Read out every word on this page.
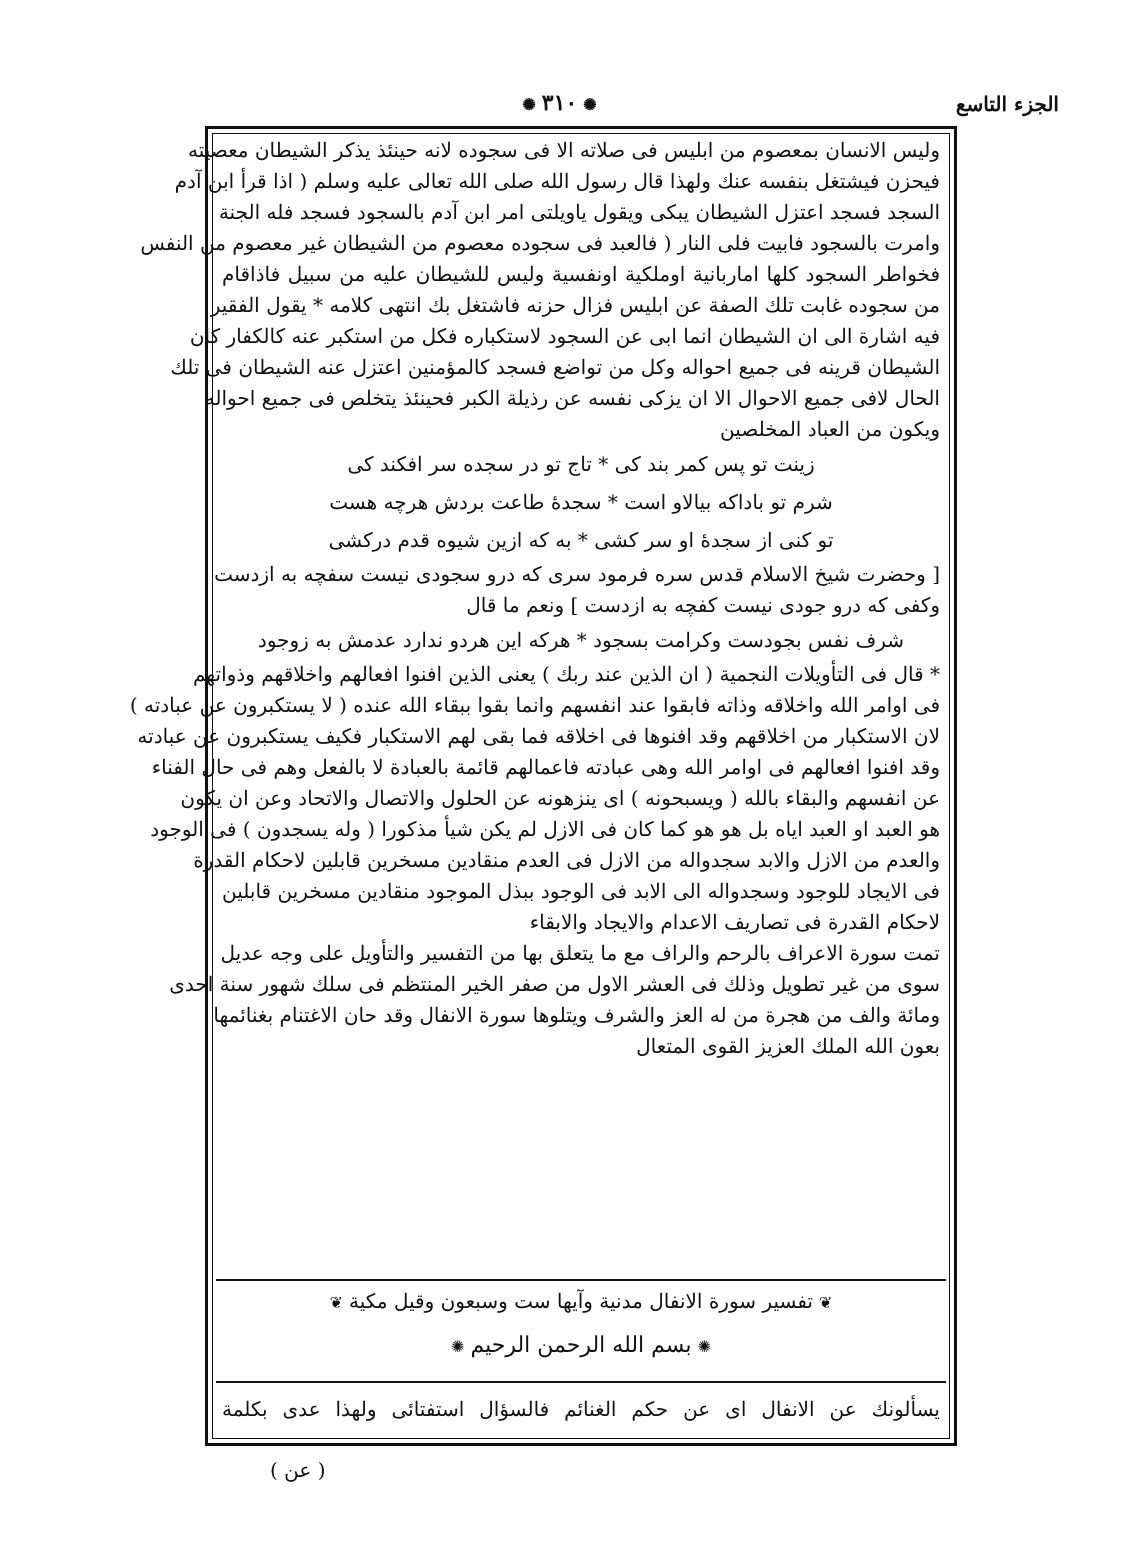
✺ ٣١٠ ✺	الجزء التاسع
وليس الانسان بمعصوم من ابليس فى صلاته الا فى سجوده لانه حينئذ يذكر الشيطان معصيته
فيحزن فيشتغل بنفسه عنك ولهذا قال رسول الله صلى الله تعالى عليه وسلم ( اذا قرأ ابن آدم
السجد فسجد اعتزل الشيطان يبكى ويقول ياويلتى امر ابن آدم بالسجود فسجد فله الجنة
وامرت بالسجود فابيت فلى النار ( فالعبد فى سجوده معصوم من الشيطان غير معصوم من النفس
فخواطر السجود كلها اماربانية اوملكية اونفسية وليس للشيطان عليه من سبيل فاذاقام
من سجوده غابت تلك الصفة عن ابليس فزال حزنه فاشتغل بك انتهى كلامه * يقول الفقير
فيه اشارة الى ان الشيطان انما ابى عن السجود لاستكباره فكل من استكبر عنه كالكفار كان
الشيطان قرينه فى جميع احواله وكل من تواضع فسجد كالمؤمنين اعتزل عنه الشيطان فى تلك
الحال لافى جميع الاحوال الا ان يزكى نفسه عن رذيلة الكبر فحينئذ يتخلص فى جميع احواله
ويكون من العباد المخلصين
زينت تو پس كمر بند كى * تاج تو در سجده سر افكند كى
شرم تو باداكه بيالاو است * سجدۀ طاعت بردش هرچه هست
تو كنى از سجدۀ او سر كشى * به كه ازين شيوه قدم دركشى
[ وحضرت شيخ الاسلام قدس سره فرمود سرى كه درو سجودى نيست سفچه به ازدست
وكفى كه درو جودى نيست كفچه به ازدست ] ونعم ما قال
شرف نفس بجودست وكرامت بسجود * هركه اين هردو ندارد عدمش به زوجود
* قال فى التأويلات النجمية ( ان الذين عند ربك ) يعنى الذين افنوا افعالهم واخلاقهم وذواتهم
فى اوامر الله واخلاقه وذاته فابقوا عند انفسهم وانما بقوا ببقاء الله عنده ( لا يستكبرون عن عبادته )
لان الاستكبار من اخلاقهم وقد افنوها فى اخلاقه فما بقى لهم الاستكبار فكيف يستكبرون عن عبادته
وقد افنوا افعالهم فى اوامر الله وهى عبادته فاعمالهم قائمة بالعبادة لا بالفعل وهم فى حال الفناء
عن انفسهم والبقاء بالله ( ويسبحونه ) اى ينزهونه عن الحلول والاتصال والاتحاد وعن ان يكون
هو العبد او العبد اياه بل هو هو كما كان فى الازل لم يكن شيأ مذكورا ( وله يسجدون ) فى الوجود
والعدم من الازل والابد سجدواله من الازل فى العدم منقادين مسخرين قابلين لاحكام القدرة
فى الايجاد للوجود وسجدواله الى الابد فى الوجود ببذل الموجود منقادين مسخرين قابلين
لاحكام القدرة فى تصاريف الاعدام والايجاد والابقاء
تمت سورة الاعراف بالرحم والراف مع ما يتعلق بها من التفسير والتأويل على وجه عديل
سوى من غير تطويل وذلك فى العشر الاول من صفر الخير المنتظم فى سلك شهور سنة احدى
ومائة والف من هجرة من له العز والشرف ويتلوها سورة الانفال وقد حان الاغتنام بغنائمها
بعون الله الملك العزيز القوى المتعال
❦تفسير سورة الانفال مدنية وآيها ست وسبعون وقيل مكية❦
✺بسم الله الرحمن الرحيم✺
يسألونك عن الانفال اى عن حكم الغنائم فالسؤال استفتائى ولهذا عدى بكلمة
( عن )
